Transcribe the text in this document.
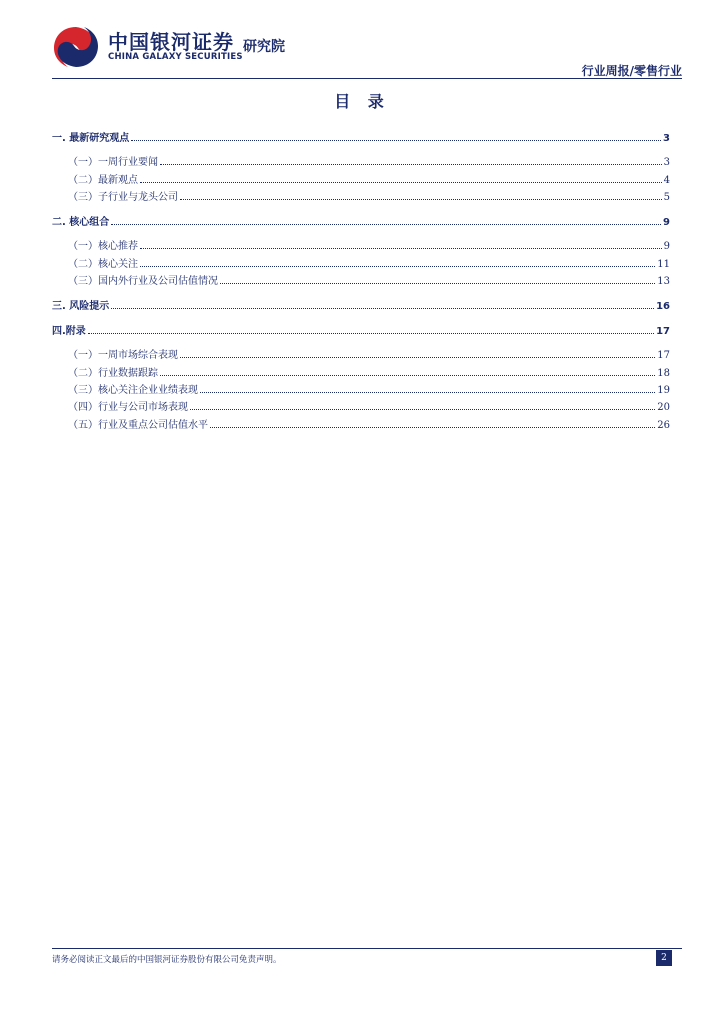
中国银河证券
CHINA GALAXY SECURITIES
研究院
行业周报/零售行业
目 录
一. 最新研究观点	3
（一）一周行业要闻	3
（二）最新观点	4
（三）子行业与龙头公司	5
二. 核心组合	9
（一）核心推荐	9
（二）核心关注	11
（三）国内外行业及公司估值情况	13
三. 风险提示	16
四.附录	17
（一）一周市场综合表现	17
（二）行业数据跟踪	18
（三）核心关注企业业绩表现	19
（四）行业与公司市场表现	20
（五）行业及重点公司估值水平	26
请务必阅读正文最后的中国银河证券股份有限公司免责声明。	2
